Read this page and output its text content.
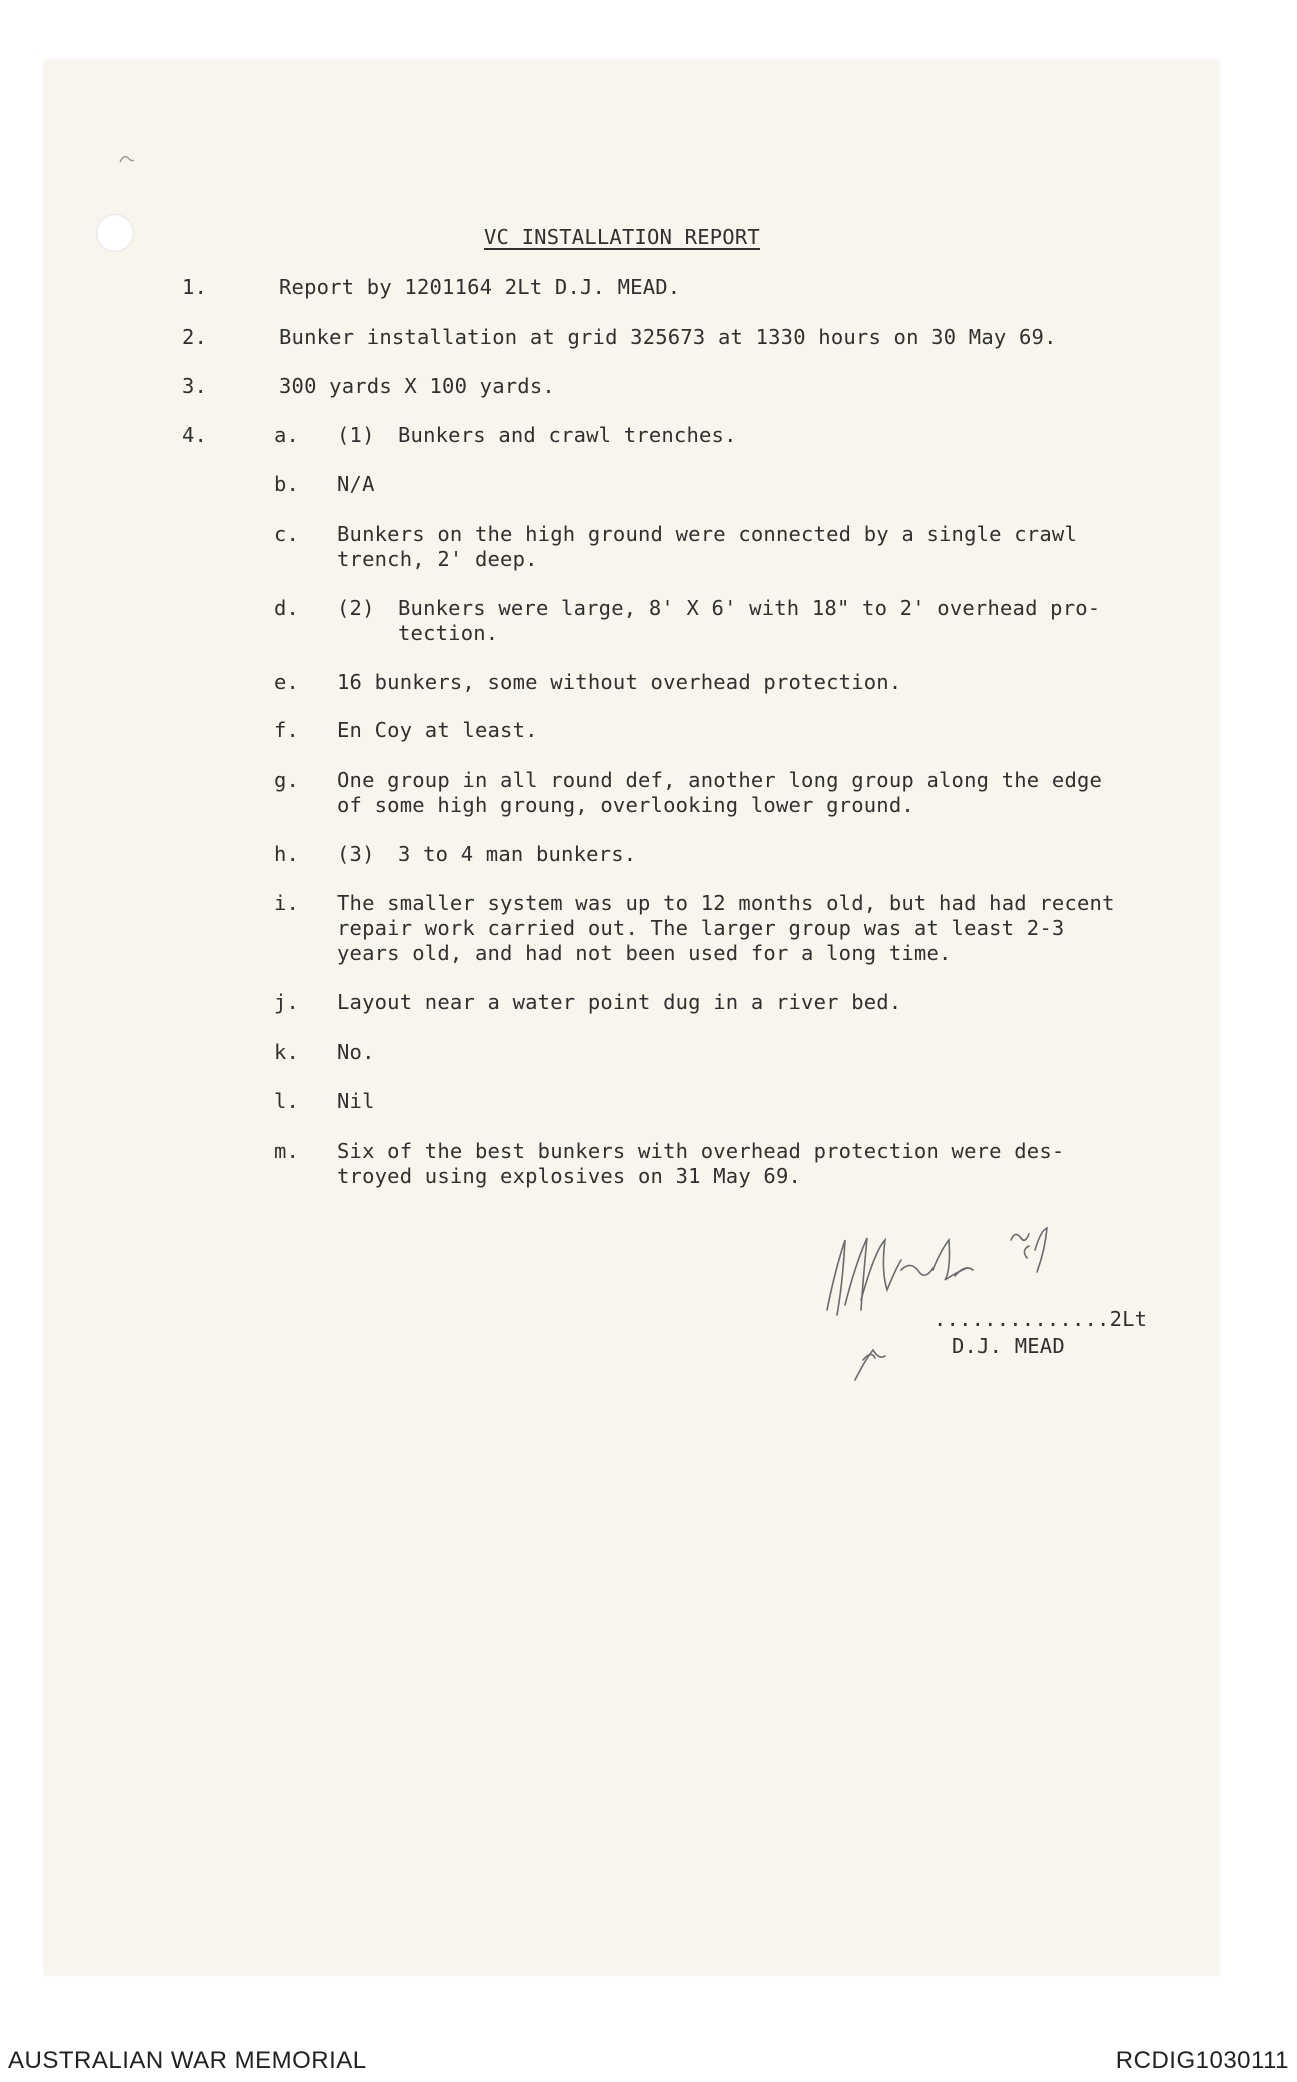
VC INSTALLATION REPORT
1.	Report by 1201164 2Lt D.J. MEAD.
2.	Bunker installation at grid 325673 at 1330 hours on 30 May 69.
3.	300 yards X 100 yards.
4.	a. (1) Bunkers and crawl trenches.
b. N/A
c. Bunkers on the high ground were connected by a single crawl
trench, 2' deep.
d. (2) Bunkers were large, 8' X 6' with 18" to 2' overhead pro-
tection.
e. 16 bunkers, some without overhead protection.
f. En Coy at least.
g. One group in all round def, another long group along the edge
of some high groung, overlooking lower ground.
h. (3) 3 to 4 man bunkers.
i. The smaller system was up to 12 months old, but had had recent
repair work carried out. The larger group was at least 2-3
years old, and had not been used for a long time.
j. Layout near a water point dug in a river bed.
k. No.
l. Nil
m. Six of the best bunkers with overhead protection were des-
troyed using explosives on 31 May 69.
..............2Lt
D.J. MEAD
AUSTRALIAN WAR MEMORIAL	RCDIG1030111
